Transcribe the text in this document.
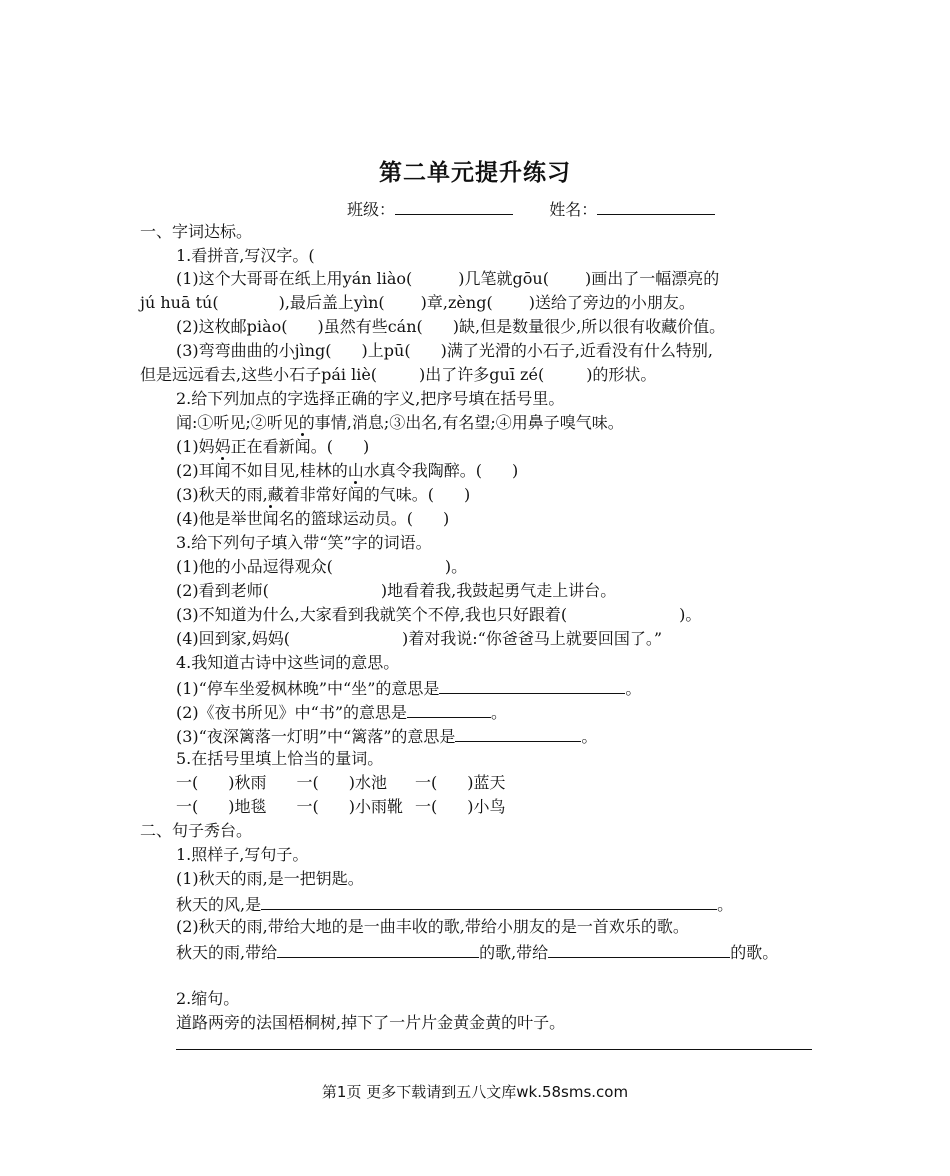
第二单元提升练习
班级：	姓名：
一、字词达标。
1.看拼音,写汉字。(
(1)这个大哥哥在纸上用yán liào(	)几笔就gōu( )画出了一幅漂亮的
jú huā tú(	),最后盖上yìn( )章,zèng( )送给了旁边的小朋友。
(2)这枚邮piào( )虽然有些cán( )缺,但是数量很少,所以很有收藏价值。
(3)弯弯曲曲的小jìng( )上pū( )满了光滑的小石子,近看没有什么特别,
但是远远看去,这些小石子pái liè(	)出了许多guī zé(	)的形状。
2.给下列加点的字选择正确的字义,把序号填在括号里。
闻:①听见;②听见的事情,消息;③出名,有名望;④用鼻子嗅气味。
(1)妈妈正在看新闻。( )
(2)耳闻不如目见,桂林的山水真令我陶醉。( )
(3)秋天的雨,藏着非常好闻的气味。( )
(4)他是举世闻名的篮球运动员。( )
3.给下列句子填入带“笑”字的词语。
(1)他的小品逗得观众(	)。
(2)看到老师(	)地看着我,我鼓起勇气走上讲台。
(3)不知道为什么,大家看到我就笑个不停,我也只好跟着(	)。
(4)回到家,妈妈(	)着对我说:“你爸爸马上就要回国了。”
4.我知道古诗中这些词的意思。
(1)“停车坐爱枫林晚”中“坐”的意思是	。
(2)《夜书所见》中“书”的意思是	。
(3)“夜深篱落一灯明”中“篱落”的意思是	。
5.在括号里填上恰当的量词。
一( )秋雨 一( )水池 一( )蓝天
一( )地毯 一( )小雨靴 一( )小鸟
二、句子秀台。
1.照样子,写句子。
(1)秋天的雨,是一把钥匙。
秋天的风,是	。
(2)秋天的雨,带给大地的是一曲丰收的歌,带给小朋友的是一首欢乐的歌。
秋天的雨,带给	的歌,带给	的歌。
2.缩句。
道路两旁的法国梧桐树,掉下了一片片金黄金黄的叶子。
第1页 更多下载请到五八文库wk.58sms.com
